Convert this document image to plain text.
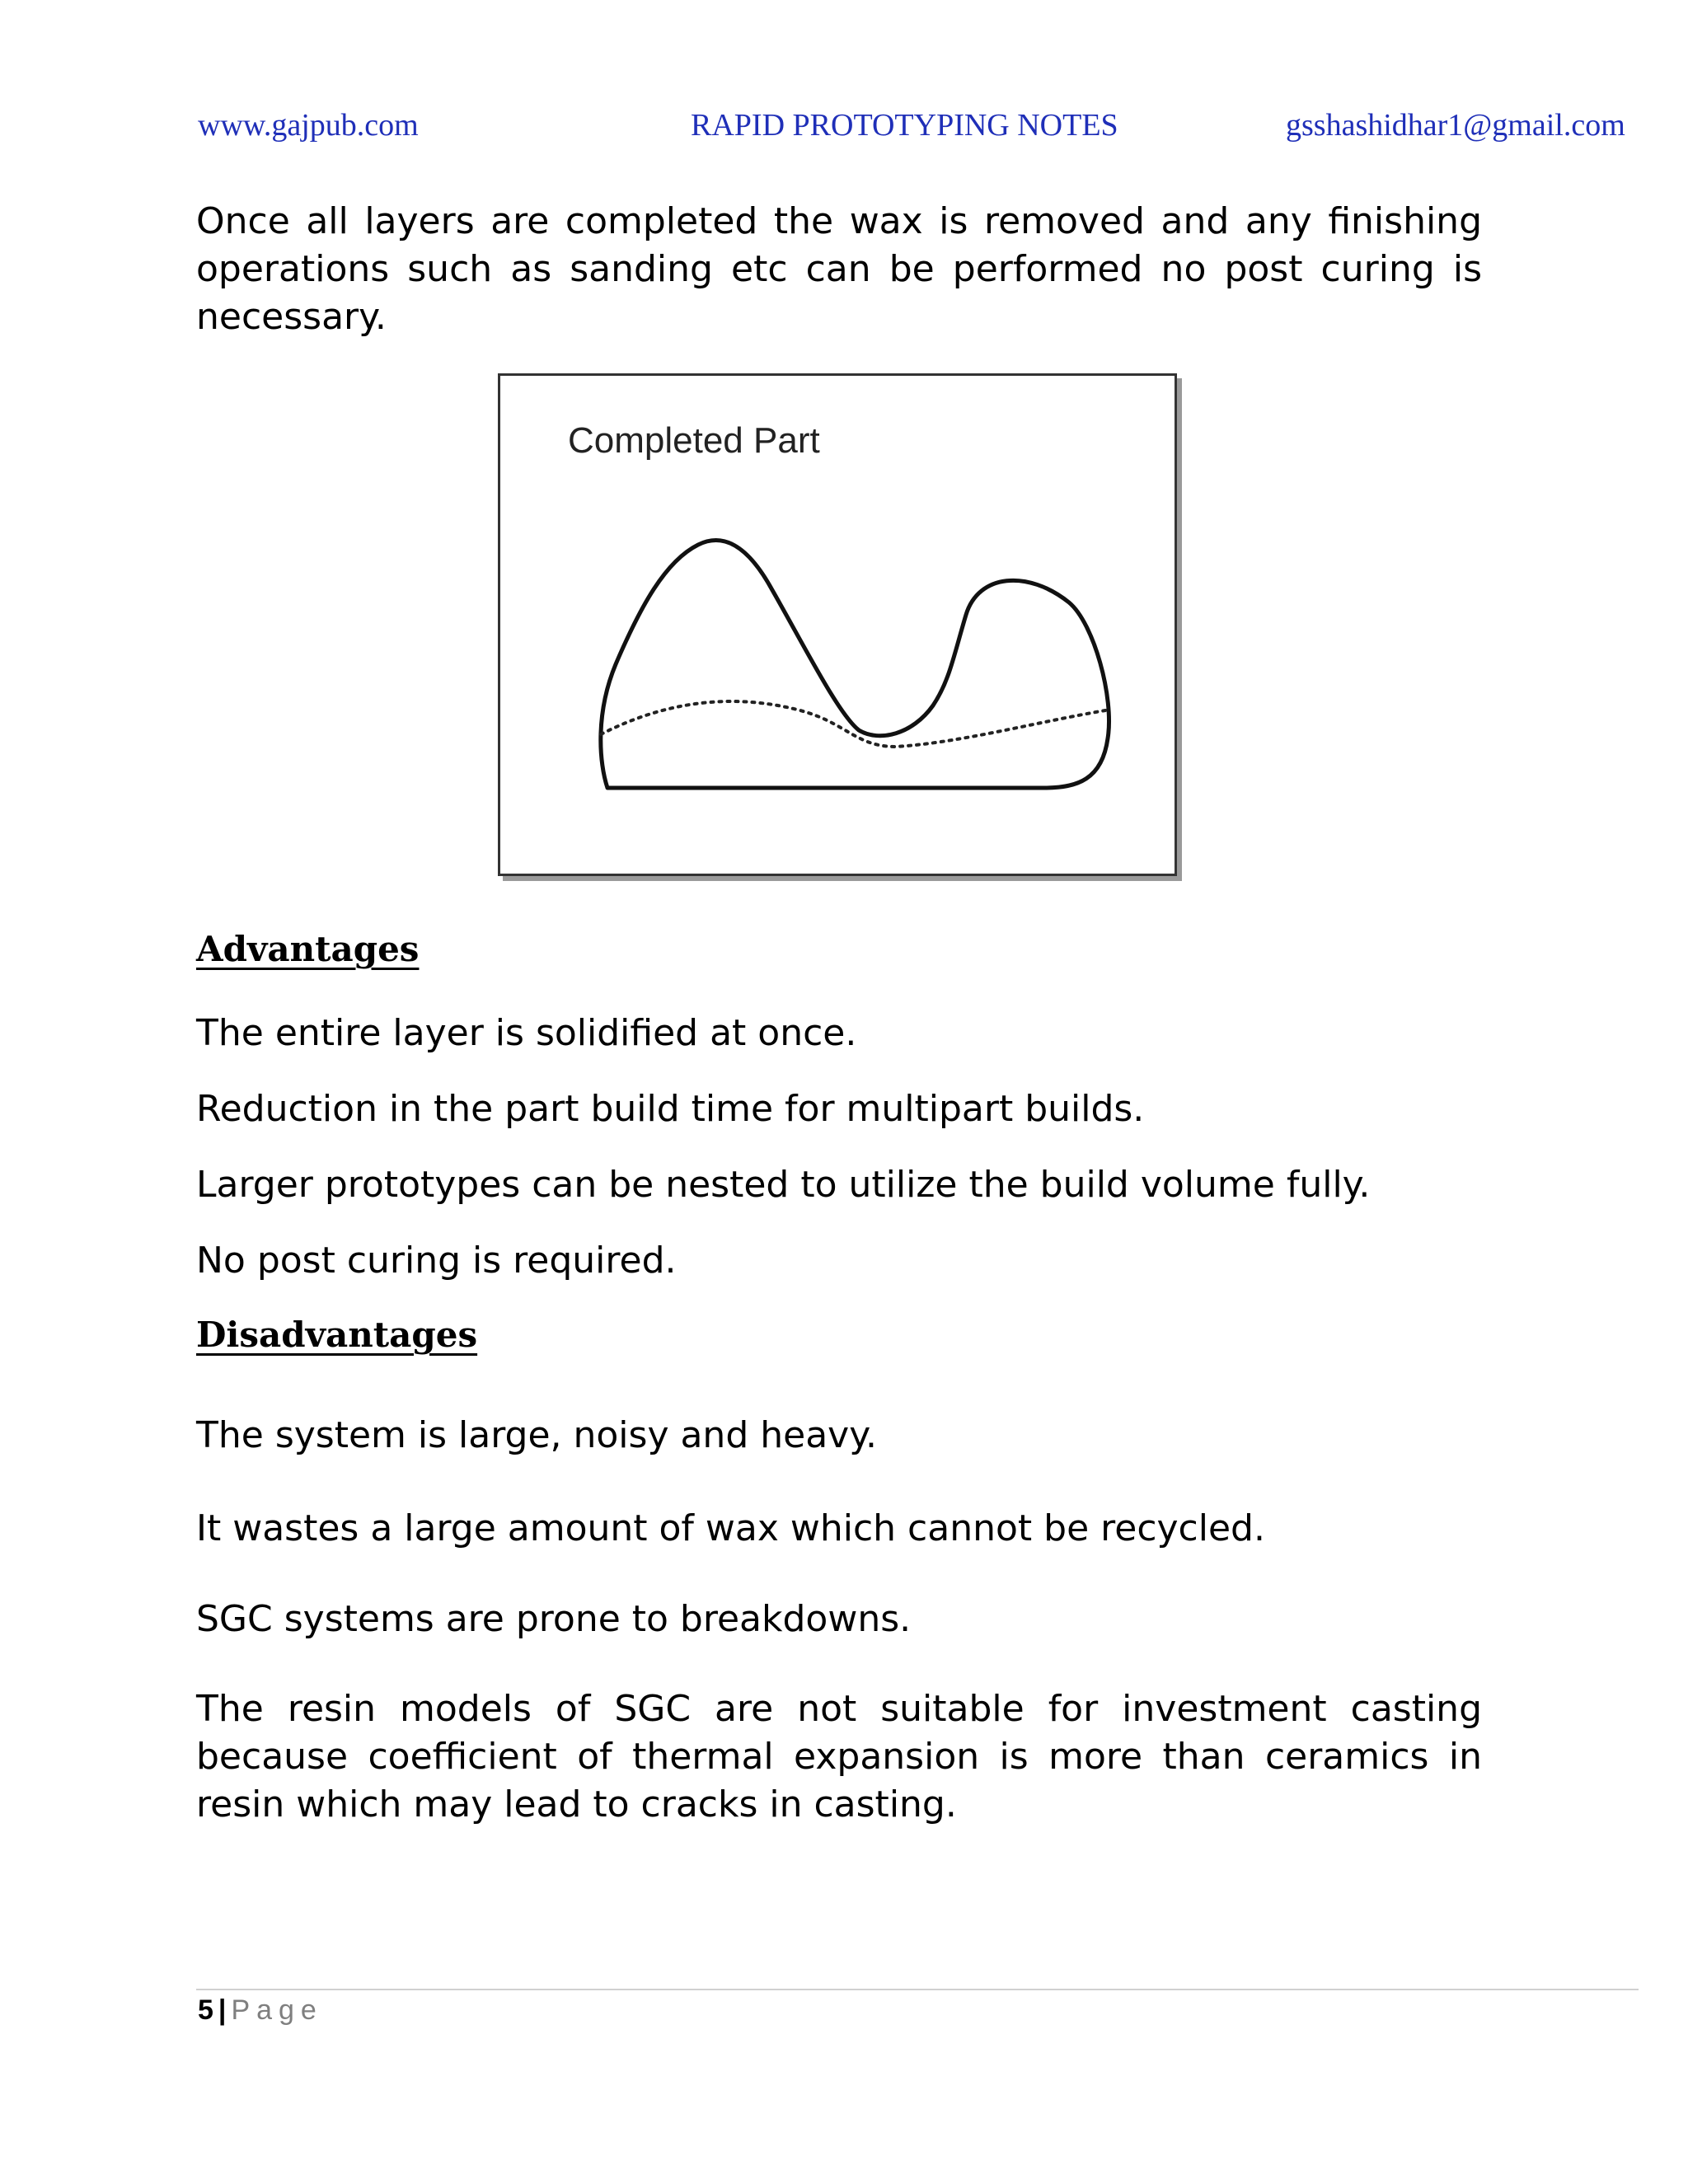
www.gajpub.com	RAPID PROTOTYPING NOTES	gsshashidhar1@gmail.com

Once all layers are completed the wax is removed and any finishing operations such as sanding etc can be performed no post curing is necessary.

Completed Part
Advantages
The entire layer is solidified at once.
Reduction in the part build time for multipart builds.
Larger prototypes can be nested to utilize the build volume fully.
No post curing is required.
Disadvantages
The system is large, noisy and heavy.
It wastes a large amount of wax which cannot be recycled.
SGC systems are prone to breakdowns.
The resin models of SGC are not suitable for investment casting because coefficient of thermal expansion is more than ceramics in resin which may lead to cracks in casting.
5 | Page
